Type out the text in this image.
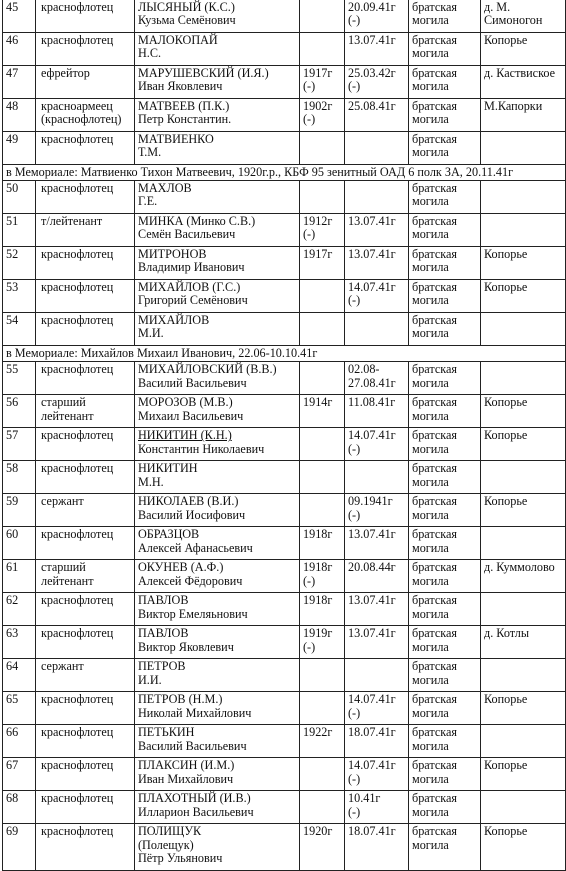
45	краснофлотец	ЛЫСЯНЫЙ (К.С.)
Кузьма Семёнович		20.09.41г
(-)	братская
могила	д. М.
Симоногон

46	краснофлотец	МАЛОКОПАЙ
Н.С.		13.07.41г	братская
могила	Копорье

47	ефрейтор	МАРУШЕВСКИЙ (И.Я.)
Иван Яковлевич	1917г
(-)	25.03.42г
(-)	братская
могила	д. Каствиское

48	красноармеец
(краснофлотец)	МАТВЕЕВ (П.К.)
Петр Константин.	1902г
(-)	25.08.41г	братская
могила	М.Капорки

49	краснофлотец	МАТВИЕНКО
Т.М.			братская
могила	

в Мемориале: Матвиенко Тихон Матвеевич, 1920г.р., КБФ 95 зенитный ОАД 6 полк ЗА, 20.11.41г						
50	краснофлотец	МАХЛОВ
Г.Е.			братская
могила	

51	т/лейтенант	МИНКА (Минко С.В.)
Семён Васильевич	1912г
(-)	13.07.41г	братская
могила	

52	краснофлотец	МИТРОНОВ
Владимир Иванович	1917г	13.07.41г	братская
могила	Копорье

53	краснофлотец	МИХАЙЛОВ (Г.С.)
Григорий Семёнович		14.07.41г
(-)	братская
могила	Копорье

54	краснофлотец	МИХАЙЛОВ
М.И.			братская
могила	

в Мемориале: Михайлов Михаил Иванович, 22.06-10.10.41г						
55	краснофлотец	МИХАЙЛОВСКИЙ (В.В.)
Василий Васильевич		02.08-
27.08.41г	братская
могила	

56	старший
лейтенант	МОРОЗОВ (М.В.)
Михаил Васильевич	1914г	11.08.41г	братская
могила	Копорье

57	краснофлотец	НИКИТИН (К.Н.)
Константин Николаевич		14.07.41г
(-)	братская
могила	Копорье

58	краснофлотец	НИКИТИН
М.Н.			братская
могила	

59	сержант	НИКОЛАЕВ (В.И.)
Василий Иосифович		09.1941г
(-)	братская
могила	Копорье

60	краснофлотец	ОБРАЗЦОВ
Алексей Афанасьевич	1918г	13.07.41г	братская
могила	

61	старший
лейтенант	ОКУНЕВ (А.Ф.)
Алексей Фёдорович	1918г
(-)	20.08.44г	братская
могила	д. Куммолово

62	краснофлотец	ПАВЛОВ
Виктор Емеляьнович	1918г	13.07.41г	братская
могила	

63	краснофлотец	ПАВЛОВ
Виктор Яковлевич	1919г
(-)	13.07.41г	братская
могила	д. Котлы

64	сержант	ПЕТРОВ
И.И.			братская
могила	

65	краснофлотец	ПЕТРОВ (Н.М.)
Николай Михайлович		14.07.41г
(-)	братская
могила	Копорье

66	краснофлотец	ПЕТЬКИН
Василий Васильевич	1922г	18.07.41г	братская
могила	

67	краснофлотец	ПЛАКСИН (И.М.)
Иван Михайлович		14.07.41г
(-)	братская
могила	Копорье

68	краснофлотец	ПЛАХОТНЫЙ (И.В.)
Илларион Васильевич		10.41г
(-)	братская
могила	

69	краснофлотец	ПОЛИЩУК
(Полещук)
Пётр Ульянович	1920г	18.07.41г	братская
могила	Копорье
